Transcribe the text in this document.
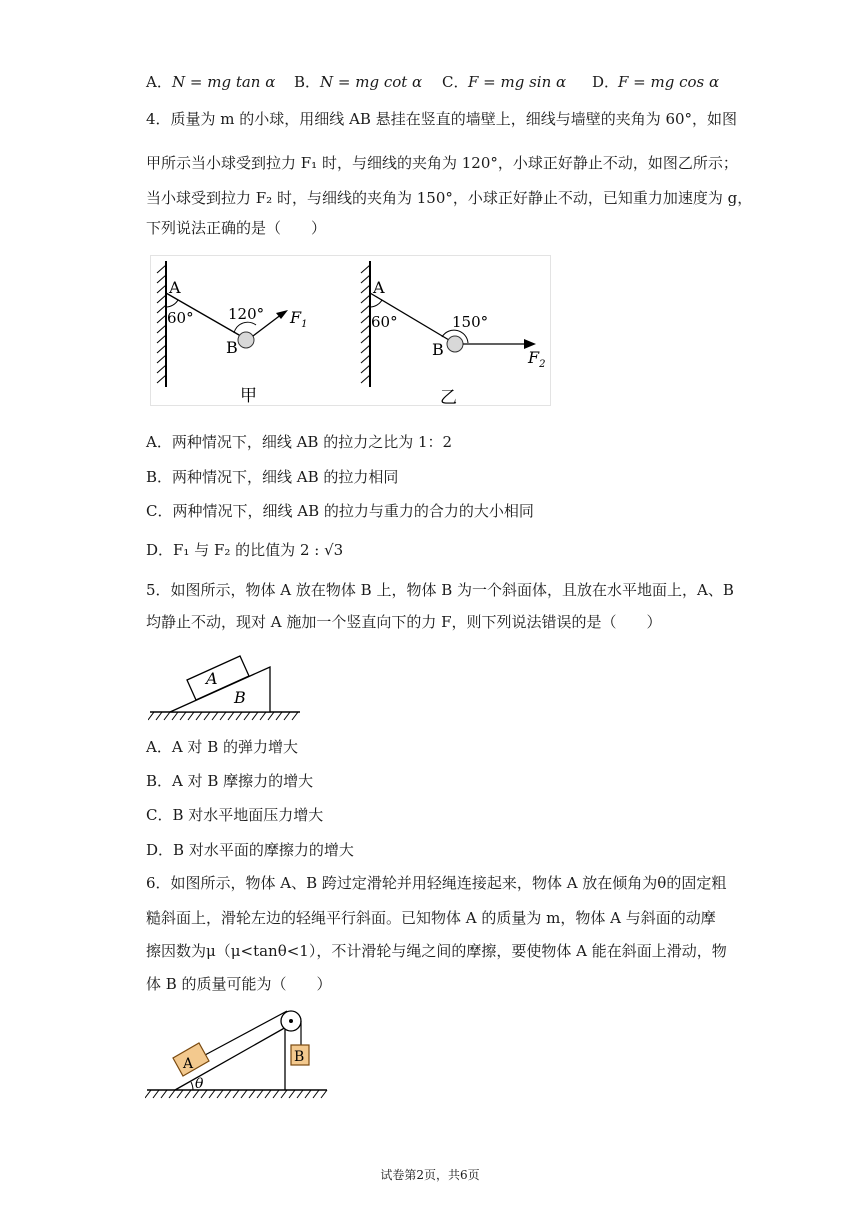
A． N = mg tan α B． N = mg cot α C． F = mg sin α D．
F = mg cos α
4．质量为 m 的小球，用细线 AB 悬挂在竖直的墙壁上，细线与墙壁的夹角为 60°，如图
甲所示当小球受到拉力 F₁ 时，与细线的夹角为 120°，小球正好静止不动，如图乙所示；
当小球受到拉力 F₂ 时，与细线的夹角为 150°，小球正好静止不动，已知重力加速度为 g，
下列说法正确的是（　　）
A
60° 120°
B
$F_1$
甲
A
60°	150°
B	$F_2$
乙
A．两种情况下，细线 AB 的拉力之比为 1：2
B．两种情况下，细线 AB 的拉力相同
C．两种情况下，细线 AB 的拉力与重力的合力的大小相同
D．F₁ 与 F₂ 的比值为 2 : √3
5．如图所示，物体 A 放在物体 B 上，物体 B 为一个斜面体，且放在水平地面上，A、B
均静止不动，现对 A 施加一个竖直向下的力 F，则下列说法错误的是（　　）
A
B
A．A 对 B 的弹力增大
B．A 对 B 摩擦力的增大
C．B 对水平地面压力增大
D．B 对水平面的摩擦力的增大
6．如图所示，物体 A、B 跨过定滑轮并用轻绳连接起来，物体 A 放在倾角为θ的固定粗
糙斜面上，滑轮左边的轻绳平行斜面。已知物体 A 的质量为 m，物体 A 与斜面的动摩
擦因数为μ（μ<tanθ<1），不计滑轮与绳之间的摩擦，要使物体 A 能在斜面上滑动，物
体 B 的质量可能为（　　）
B
A
θ
试卷第2页，共6页
